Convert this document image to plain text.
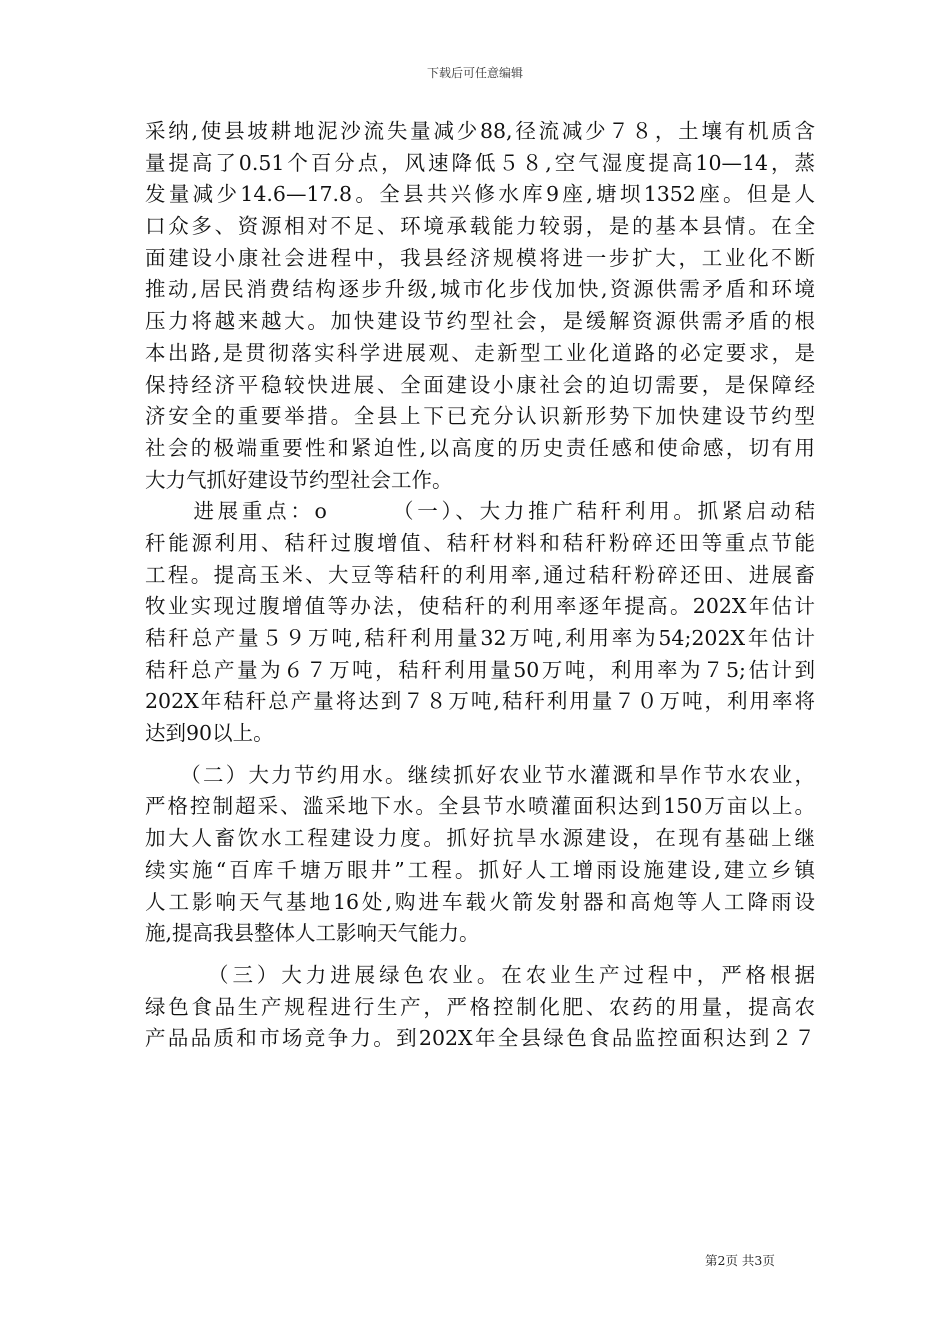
下载后可任意编辑
采纳,使县坡耕地泥沙流失量减少88,径流减少７８，土壤有机质含
量提高了0.51个百分点，风速降低５８,空气湿度提高10—14，蒸
发量减少14.6—17.8。全县共兴修水库9座,塘坝1352座。但是人
口众多、资源相对不足、环境承载能力较弱，是的基本县情。在全
面建设小康社会进程中，我县经济规模将进一步扩大，工业化不断
推动,居民消费结构逐步升级,城市化步伐加快,资源供需矛盾和环境
压力将越来越大。加快建设节约型社会，是缓解资源供需矛盾的根
本出路,是贯彻落实科学进展观、走新型工业化道路的必定要求，是
保持经济平稳较快进展、全面建设小康社会的迫切需要，是保障经
济安全的重要举措。全县上下已充分认识新形势下加快建设节约型
社会的极端重要性和紧迫性,以高度的历史责任感和使命感，切有用
大力气抓好建设节约型社会工作。
　　进展重点：ο　　　（一）、大力推广秸秆利用。抓紧启动秸
秆能源利用、秸秆过腹增值、秸秆材料和秸秆粉碎还田等重点节能
工程。提高玉米、大豆等秸秆的利用率,通过秸秆粉碎还田、进展畜
牧业实现过腹增值等办法，使秸秆的利用率逐年提高。202X年估计
秸秆总产量５９万吨,秸秆利用量32万吨,利用率为54;202X年估计
秸秆总产量为６７万吨，秸秆利用量50万吨，利用率为７5;估计到
202X年秸秆总产量将达到７８万吨,秸秆利用量７０万吨，利用率将
达到90以上。
　　（二）大力节约用水。继续抓好农业节水灌溉和旱作节水农业，
严格控制超采、滥采地下水。全县节水喷灌面积达到150万亩以上。
加大人畜饮水工程建设力度。抓好抗旱水源建设，在现有基础上继
续实施“百库千塘万眼井”工程。抓好人工增雨设施建设,建立乡镇
人工影响天气基地16处,购进车载火箭发射器和高炮等人工降雨设
施,提高我县整体人工影响天气能力。
　　　（三）大力进展绿色农业。在农业生产过程中，严格根据
绿色食品生产规程进行生产，严格控制化肥、农药的用量，提高农
产品品质和市场竞争力。到202X年全县绿色食品监控面积达到２７
第2页 共3页
